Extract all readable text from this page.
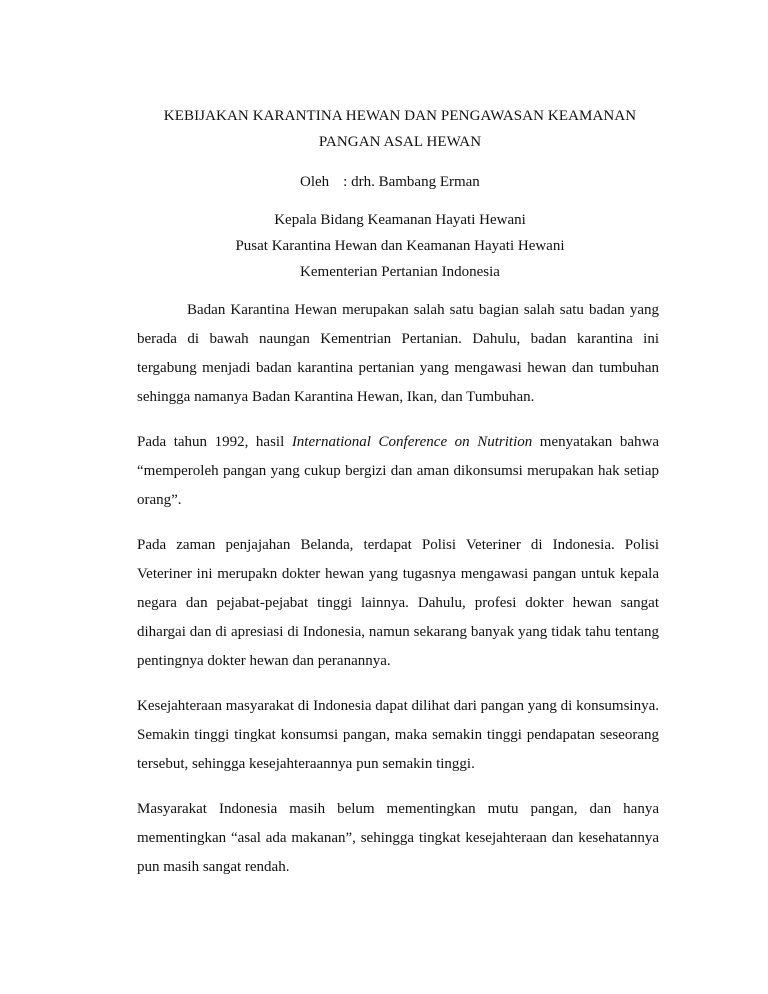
KEBIJAKAN KARANTINA HEWAN DAN PENGAWASAN KEAMANAN
PANGAN ASAL HEWAN
Oleh : drh. Bambang Erman
Kepala Bidang Keamanan Hayati Hewani
Pusat Karantina Hewan dan Keamanan Hayati Hewani
Kementerian Pertanian Indonesia

Badan Karantina Hewan merupakan salah satu bagian salah satu badan yang berada di bawah naungan Kementrian Pertanian. Dahulu, badan karantina ini tergabung menjadi badan karantina pertanian yang mengawasi hewan dan tumbuhan sehingga namanya Badan Karantina Hewan, Ikan, dan Tumbuhan.

Pada tahun 1992, hasil International Conference on Nutrition menyatakan bahwa “memperoleh pangan yang cukup bergizi dan aman dikonsumsi merupakan hak setiap orang”.

Pada zaman penjajahan Belanda, terdapat Polisi Veteriner di Indonesia. Polisi Veteriner ini merupakn dokter hewan yang tugasnya mengawasi pangan untuk kepala negara dan pejabat-pejabat tinggi lainnya. Dahulu, profesi dokter hewan sangat dihargai dan di apresiasi di Indonesia, namun sekarang banyak yang tidak tahu tentang pentingnya dokter hewan dan peranannya.

Kesejahteraan masyarakat di Indonesia dapat dilihat dari pangan yang di konsumsinya. Semakin tinggi tingkat konsumsi pangan, maka semakin tinggi pendapatan seseorang tersebut, sehingga kesejahteraannya pun semakin tinggi.

Masyarakat Indonesia masih belum mementingkan mutu pangan, dan hanya mementingkan “asal ada makanan”, sehingga tingkat kesejahteraan dan kesehatannya pun masih sangat rendah.
